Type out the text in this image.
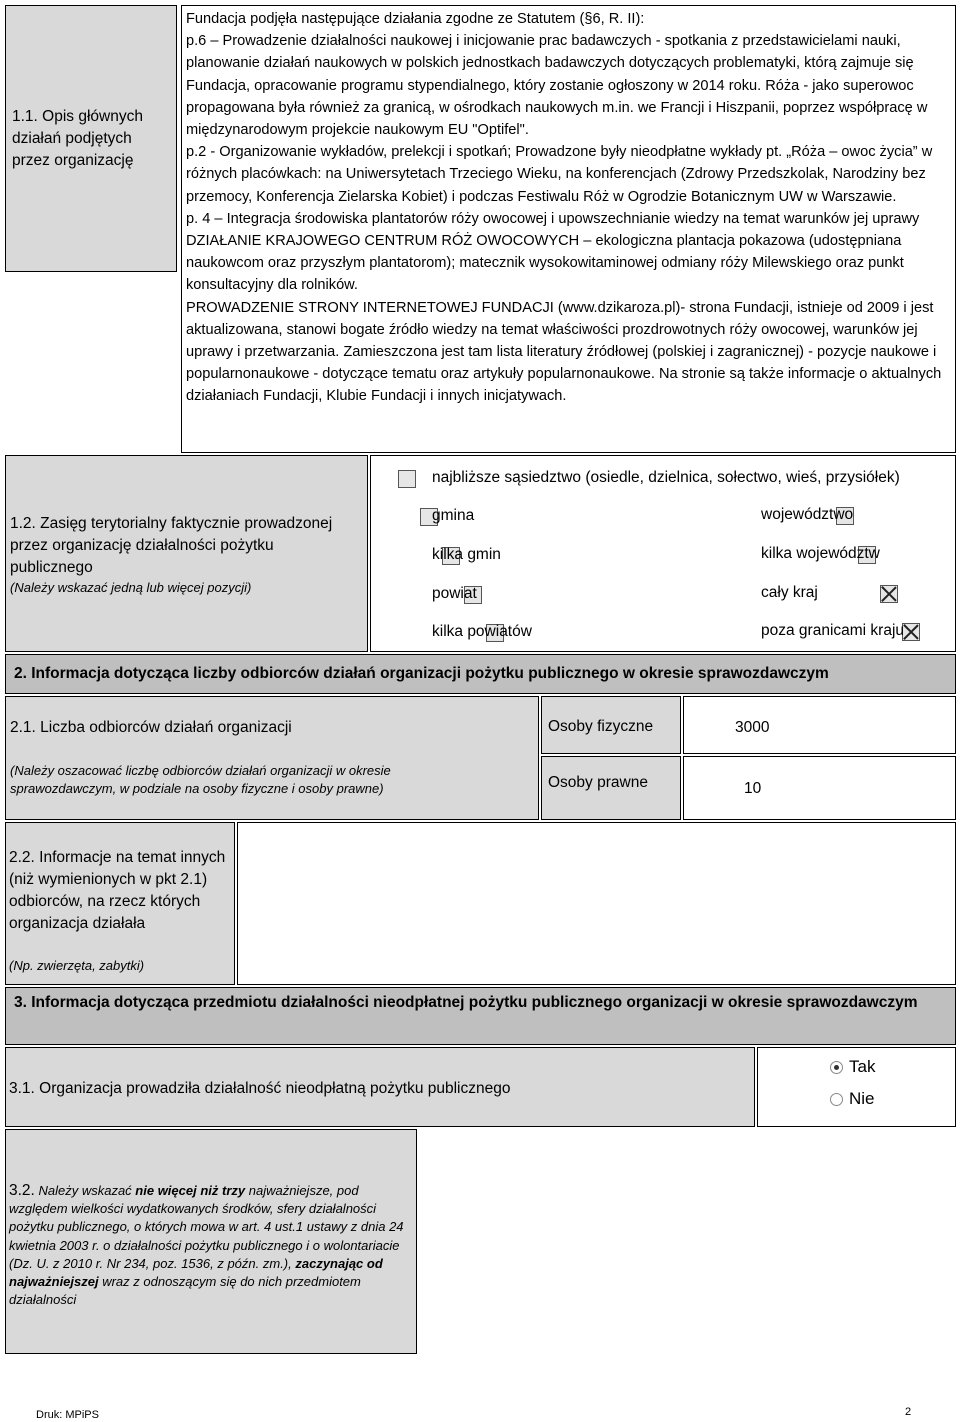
1.1. Opis głównych działań podjętych przez organizację

Fundacja podjęła następujące działania zgodne ze Statutem (§6, R. II):

p.6 – Prowadzenie działalności naukowej i inicjowanie prac badawczych - spotkania z przedstawicielami nauki, planowanie działań naukowych w polskich jednostkach badawczych dotyczących problematyki, którą zajmuje się Fundacja, opracowanie programu stypendialnego, który zostanie ogłoszony w 2014 roku. Róża - jako superowoc propagowana była również za granicą, w ośrodkach naukowych m.in. we Francji i Hiszpanii, poprzez współpracę w międzynarodowym projekcie naukowym EU "Optifel".

p.2 - Organizowanie wykładów, prelekcji i spotkań; Prowadzone były nieodpłatne wykłady pt. „Róża – owoc życia” w różnych placówkach: na Uniwersytetach Trzeciego Wieku, na konferencjach (Zdrowy Przedszkolak, Narodziny bez przemocy, Konferencja Zielarska Kobiet) i podczas Festiwalu Róż w Ogrodzie Botanicznym UW w Warszawie.

p. 4 – Integracja środowiska plantatorów róży owocowej i upowszechnianie wiedzy na temat warunków jej uprawy DZIAŁANIE KRAJOWEGO CENTRUM RÓŻ OWOCOWYCH – ekologiczna plantacja pokazowa (udostępniana naukowcom oraz przyszłym plantatorom); matecznik wysokowitaminowej odmiany róży Milewskiego oraz punkt konsultacyjny dla rolników.

PROWADZENIE STRONY INTERNETOWEJ FUNDACJI (www.dzikaroza.pl)- strona Fundacji, istnieje od 2009 i jest aktualizowana, stanowi bogate źródło wiedzy na temat właściwości prozdrowotnych róży owocowej, warunków jej uprawy i przetwarzania. Zamieszczona jest tam lista literatury źródłowej (polskiej i zagranicznej) - pozycje naukowe i popularnonaukowe - dotyczące tematu oraz artykuły popularnonaukowe. Na stronie są także informacje o aktualnych działaniach Fundacji, Klubie Fundacji i innych inicjatywach.

1.2. Zasięg terytorialny faktycznie prowadzonej przez organizację działalności pożytku publicznego
(Należy wskazać jedną lub więcej pozycji)

najbliższe sąsiedztwo (osiedle, dzielnica, sołectwo, wieś, przysiółek)

gmina

kilka gmin

powiat

kilka powiatów

województwo

kilka województw

cały kraj
poza granicami kraju
2. Informacja dotycząca liczby odbiorców działań organizacji pożytku publicznego w okresie sprawozdawczym
2.1. Liczba odbiorców działań organizacji
(Należy oszacować liczbę odbiorców działań organizacji w okresie sprawozdawczym, w podziale na osoby fizyczne i osoby prawne)
Osoby fizyczne	3000
Osoby prawne	10
2.2. Informacje na temat innych (niż wymienionych w pkt 2.1) odbiorców, na rzecz których organizacja działała
(Np. zwierzęta, zabytki)
3. Informacja dotycząca przedmiotu działalności nieodpłatnej pożytku publicznego organizacji w okresie sprawozdawczym
3.1. Organizacja prowadziła działalność nieodpłatną pożytku publicznego
Tak
Nie
3.2. Należy wskazać nie więcej niż trzy najważniejsze, pod względem wielkości wydatkowanych środków, sfery działalności pożytku publicznego, o których mowa w art. 4 ust.1 ustawy z dnia 24 kwietnia 2003 r. o działalności pożytku publicznego i o wolontariacie (Dz. U. z 2010 r. Nr 234, poz. 1536, z późn. zm.), zaczynając od najważniejszej wraz z odnoszącym się do nich przedmiotem działalności
Druk: MPiPS	2
